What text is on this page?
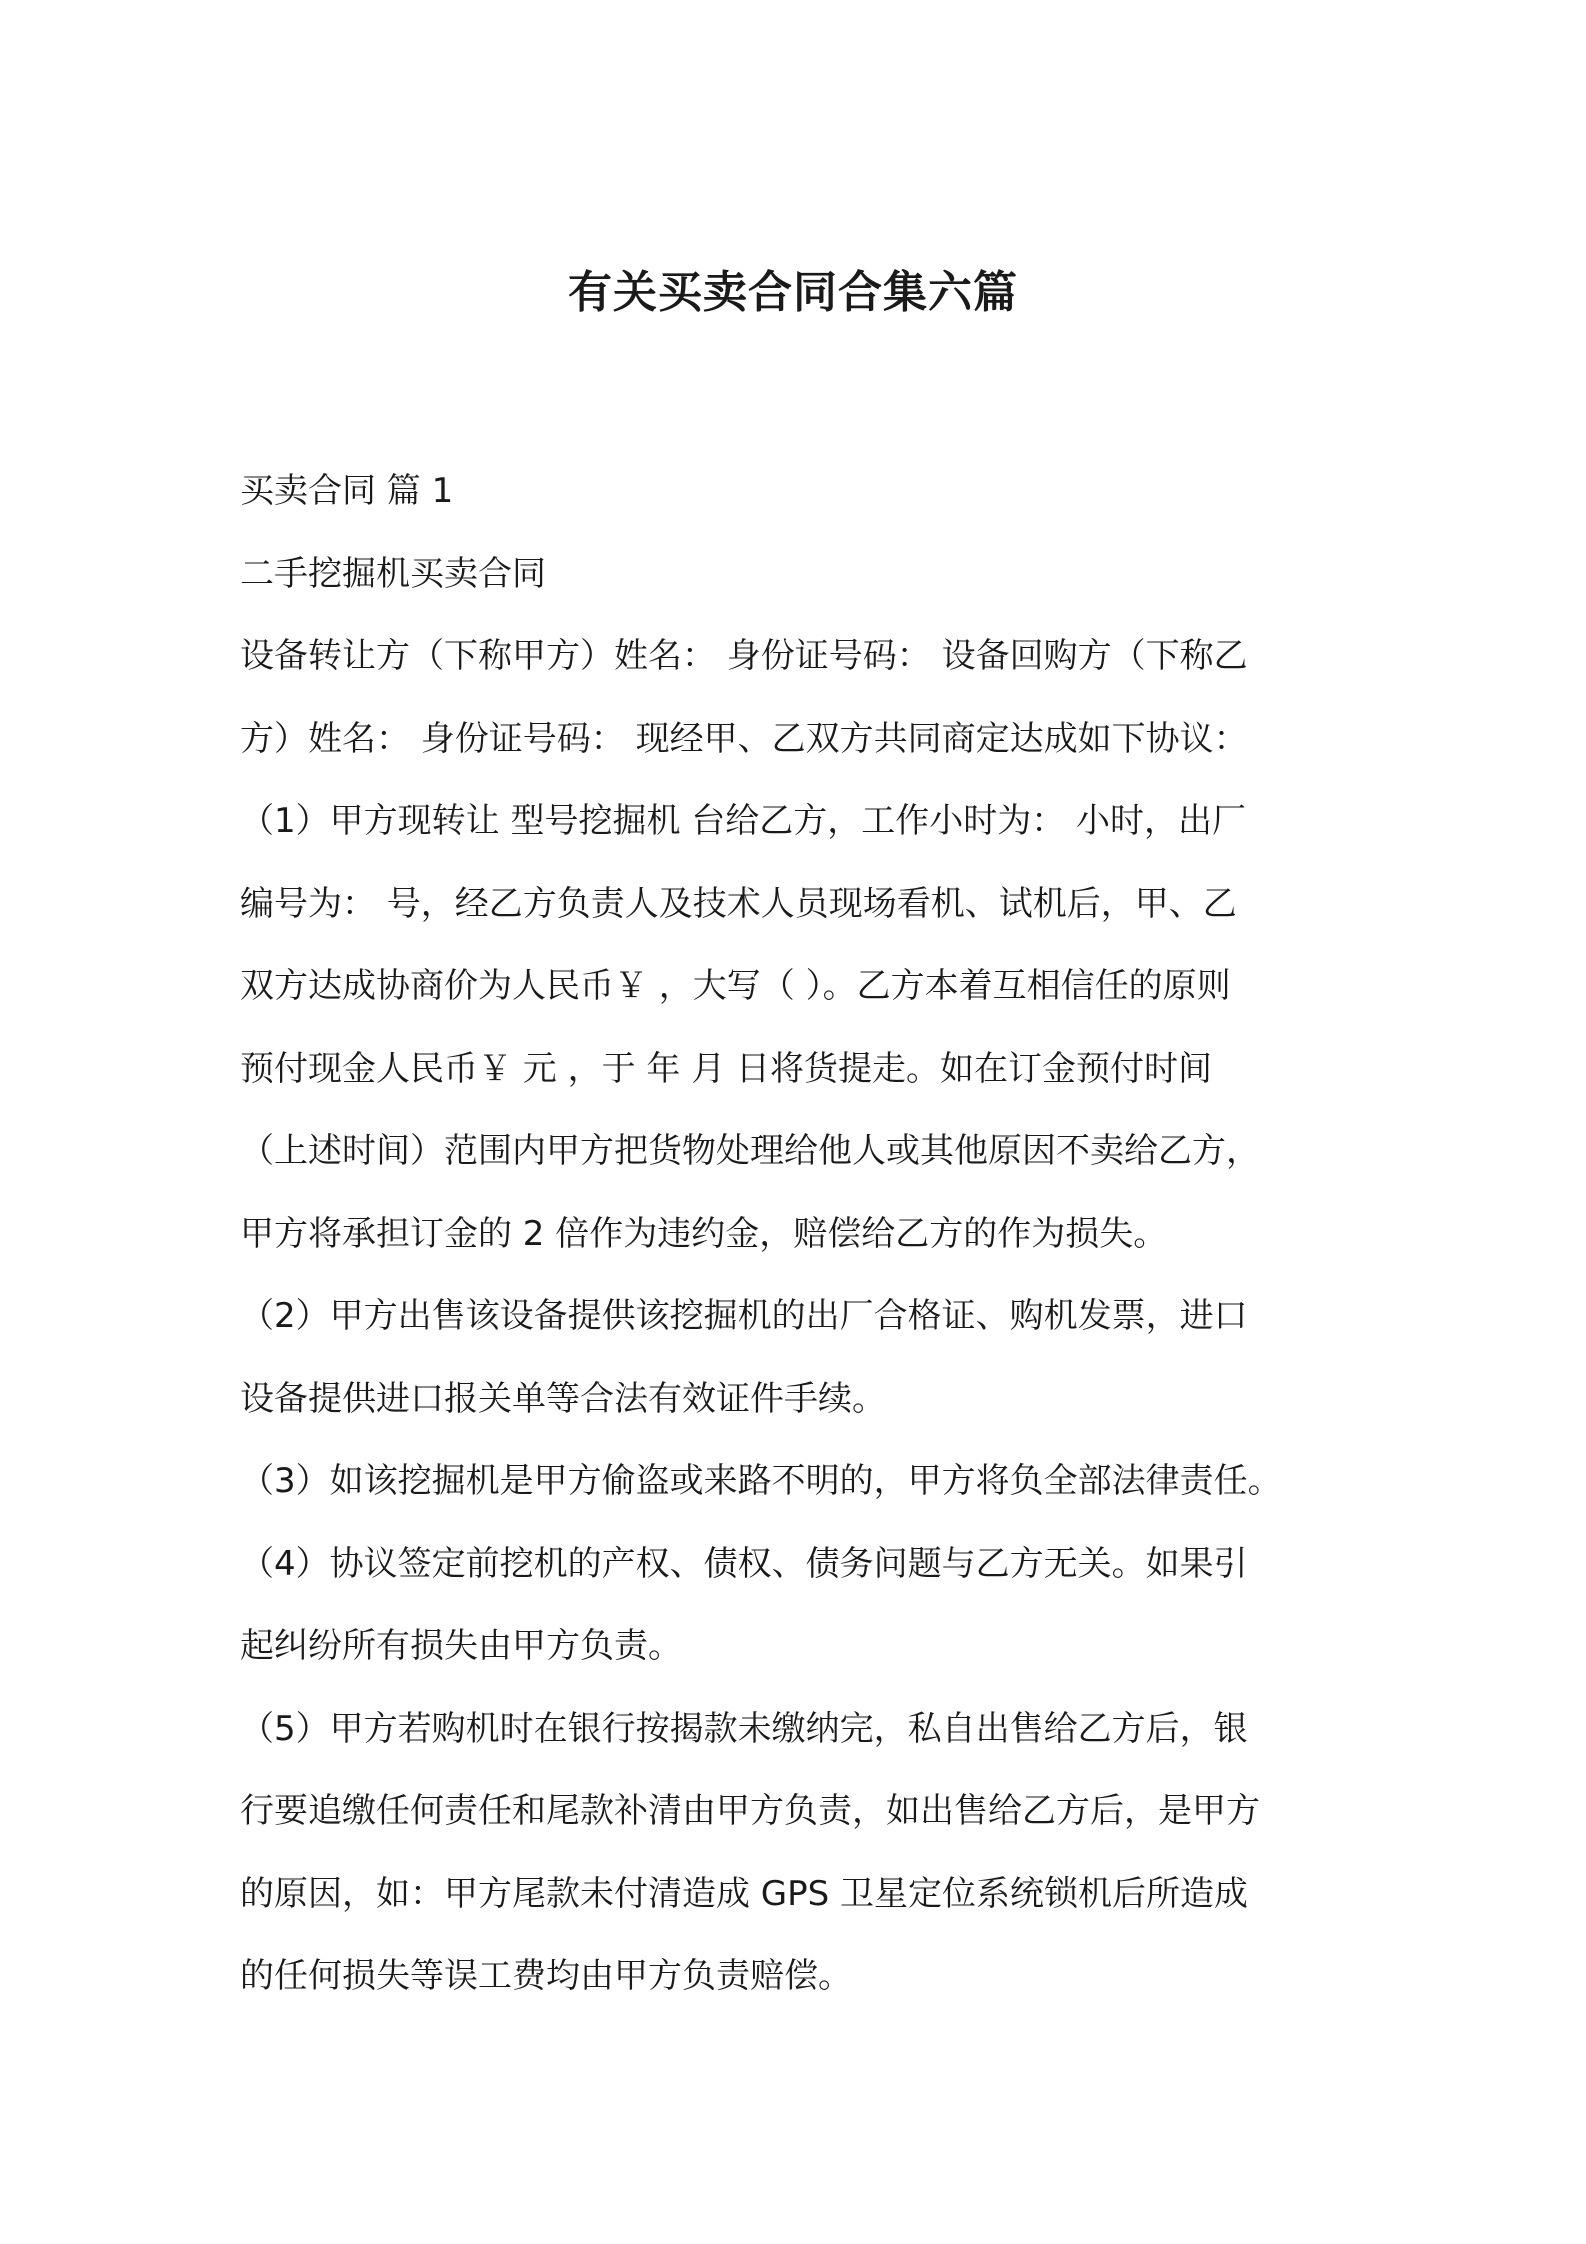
有关买卖合同合集六篇
买卖合同 篇 1
二手挖掘机买卖合同
设备转让方（下称甲方）姓名： 身份证号码： 设备回购方（下称乙
方）姓名： 身份证号码： 现经甲、乙双方共同商定达成如下协议：
（1）甲方现转让 型号挖掘机 台给乙方，工作小时为： 小时，出厂
编号为： 号，经乙方负责人及技术人员现场看机、试机后，甲、乙
双方达成协商价为人民币￥ ，大写（ ）。乙方本着互相信任的原则
预付现金人民币￥ 元 ，于 年 月 日将货提走。如在订金预付时间
（上述时间）范围内甲方把货物处理给他人或其他原因不卖给乙方，
甲方将承担订金的 2 倍作为违约金，赔偿给乙方的作为损失。
（2）甲方出售该设备提供该挖掘机的出厂合格证、购机发票，进口
设备提供进口报关单等合法有效证件手续。
（3）如该挖掘机是甲方偷盗或来路不明的，甲方将负全部法律责任。
（4）协议签定前挖机的产权、债权、债务问题与乙方无关。如果引
起纠纷所有损失由甲方负责。
（5）甲方若购机时在银行按揭款未缴纳完，私自出售给乙方后，银
行要追缴任何责任和尾款补清由甲方负责，如出售给乙方后，是甲方
的原因，如：甲方尾款未付清造成 GPS 卫星定位系统锁机后所造成
的任何损失等误工费均由甲方负责赔偿。
